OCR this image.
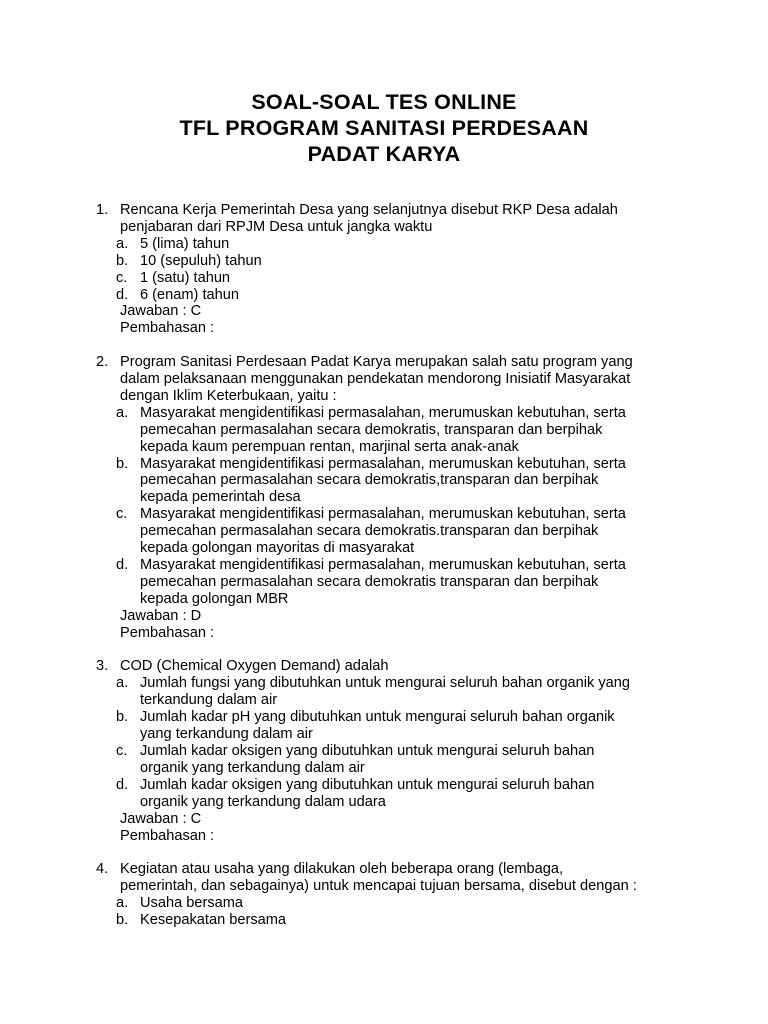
SOAL-SOAL TES ONLINE
TFL PROGRAM SANITASI PERDESAAN
PADAT KARYA
1. Rencana Kerja Pemerintah Desa yang selanjutnya disebut RKP Desa adalah
penjabaran dari RPJM Desa untuk jangka waktu
a. 5 (lima) tahun
b. 10 (sepuluh) tahun
c. 1 (satu) tahun
d. 6 (enam) tahun
Jawaban : C
Pembahasan :
2. Program Sanitasi Perdesaan Padat Karya merupakan salah satu program yang
dalam pelaksanaan menggunakan pendekatan mendorong Inisiatif Masyarakat
dengan Iklim Keterbukaan, yaitu :
a. Masyarakat mengidentifikasi permasalahan, merumuskan kebutuhan, serta
pemecahan permasalahan secara demokratis, transparan dan berpihak
kepada kaum perempuan rentan, marjinal serta anak-anak
b. Masyarakat mengidentifikasi permasalahan, merumuskan kebutuhan, serta
pemecahan permasalahan secara demokratis,transparan dan berpihak
kepada pemerintah desa
c. Masyarakat mengidentifikasi permasalahan, merumuskan kebutuhan, serta
pemecahan permasalahan secara demokratis.transparan dan berpihak
kepada golongan mayoritas di masyarakat
d. Masyarakat mengidentifikasi permasalahan, merumuskan kebutuhan, serta
pemecahan permasalahan secara demokratis transparan dan berpihak
kepada golongan MBR
Jawaban : D
Pembahasan :
3. COD (Chemical Oxygen Demand) adalah
a. Jumlah fungsi yang dibutuhkan untuk mengurai seluruh bahan organik yang
terkandung dalam air
b. Jumlah kadar pH yang dibutuhkan untuk mengurai seluruh bahan organik
yang terkandung dalam air
c. Jumlah kadar oksigen yang dibutuhkan untuk mengurai seluruh bahan
organik yang terkandung dalam air
d. Jumlah kadar oksigen yang dibutuhkan untuk mengurai seluruh bahan
organik yang terkandung dalam udara
Jawaban : C
Pembahasan :
4. Kegiatan atau usaha yang dilakukan oleh beberapa orang (lembaga,
pemerintah, dan sebagainya) untuk mencapai tujuan bersama, disebut dengan :
a. Usaha bersama
b. Kesepakatan bersama
